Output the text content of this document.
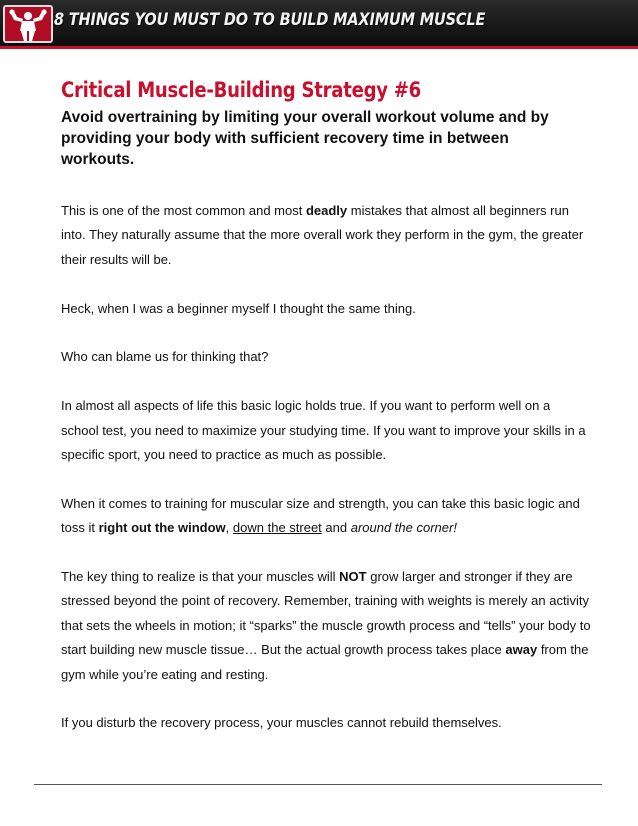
8 THINGS YOU MUST DO TO BUILD MAXIMUM MUSCLE
Critical Muscle-Building Strategy #6
Avoid overtraining by limiting your overall workout volume and by providing your body with sufficient recovery time in between workouts.

This is one of the most common and most deadly mistakes that almost all beginners run into. They naturally assume that the more overall work they perform in the gym, the greater their results will be.

Heck, when I was a beginner myself I thought the same thing.

Who can blame us for thinking that?

In almost all aspects of life this basic logic holds true. If you want to perform well on a school test, you need to maximize your studying time. If you want to improve your skills in a specific sport, you need to practice as much as possible.

When it comes to training for muscular size and strength, you can take this basic logic and toss it right out the window, down the street and around the corner!

The key thing to realize is that your muscles will NOT grow larger and stronger if they are stressed beyond the point of recovery. Remember, training with weights is merely an activity that sets the wheels in motion; it “sparks” the muscle growth process and “tells” your body to start building new muscle tissue… But the actual growth process takes place away from the gym while you’re eating and resting.

If you disturb the recovery process, your muscles cannot rebuild themselves.
